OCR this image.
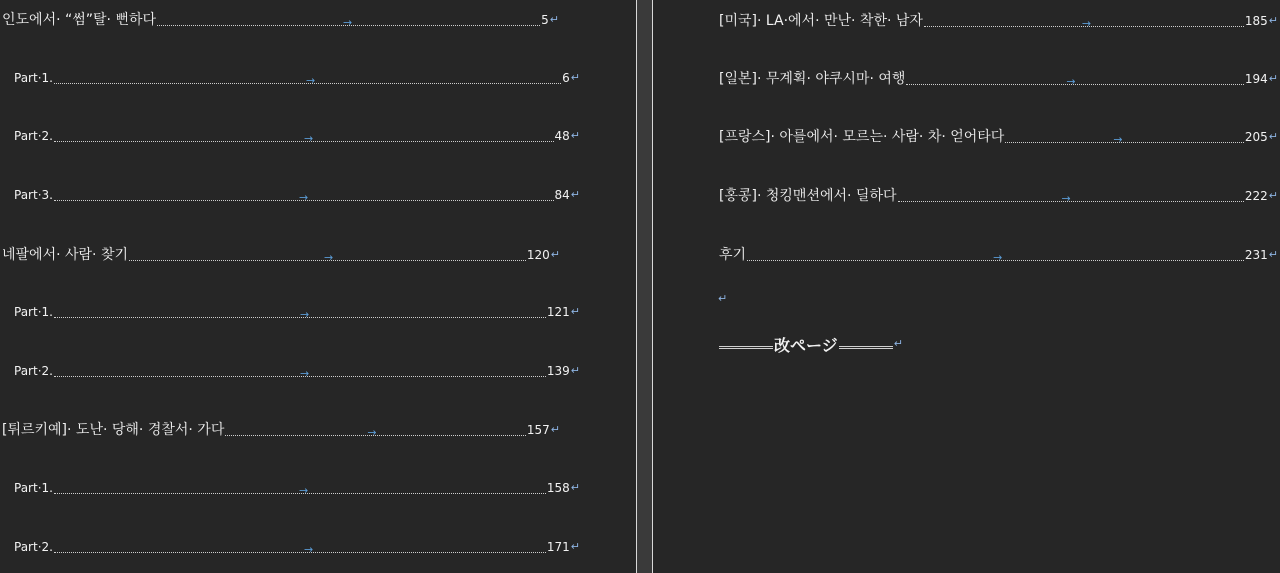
인도에서· “썸”탈· 뻔하다	→	5 ↵
Part·1.	→	6 ↵
Part·2.	→	48 ↵
Part·3.	→	84 ↵
네팔에서· 사람· 찾기	→	120 ↵
Part·1.	→	121 ↵
Part·2.	→	139 ↵
[튀르키예]· 도난· 당해· 경찰서· 가다	→	157 ↵
Part·1.	→	158 ↵
Part·2.	→	171 ↵
[미국]· LA·에서· 만난· 착한· 남자	→	185 ↵
[일본]· 무계획· 야쿠시마· 여행	→	194 ↵
[프랑스]· 아를에서· 모르는· 사람· 차· 얻어타다	→	205 ↵
[홍콩]· 청킹맨션에서· 딜하다	→	222 ↵
후기	→	231 ↵
↵
改ページ	↵
